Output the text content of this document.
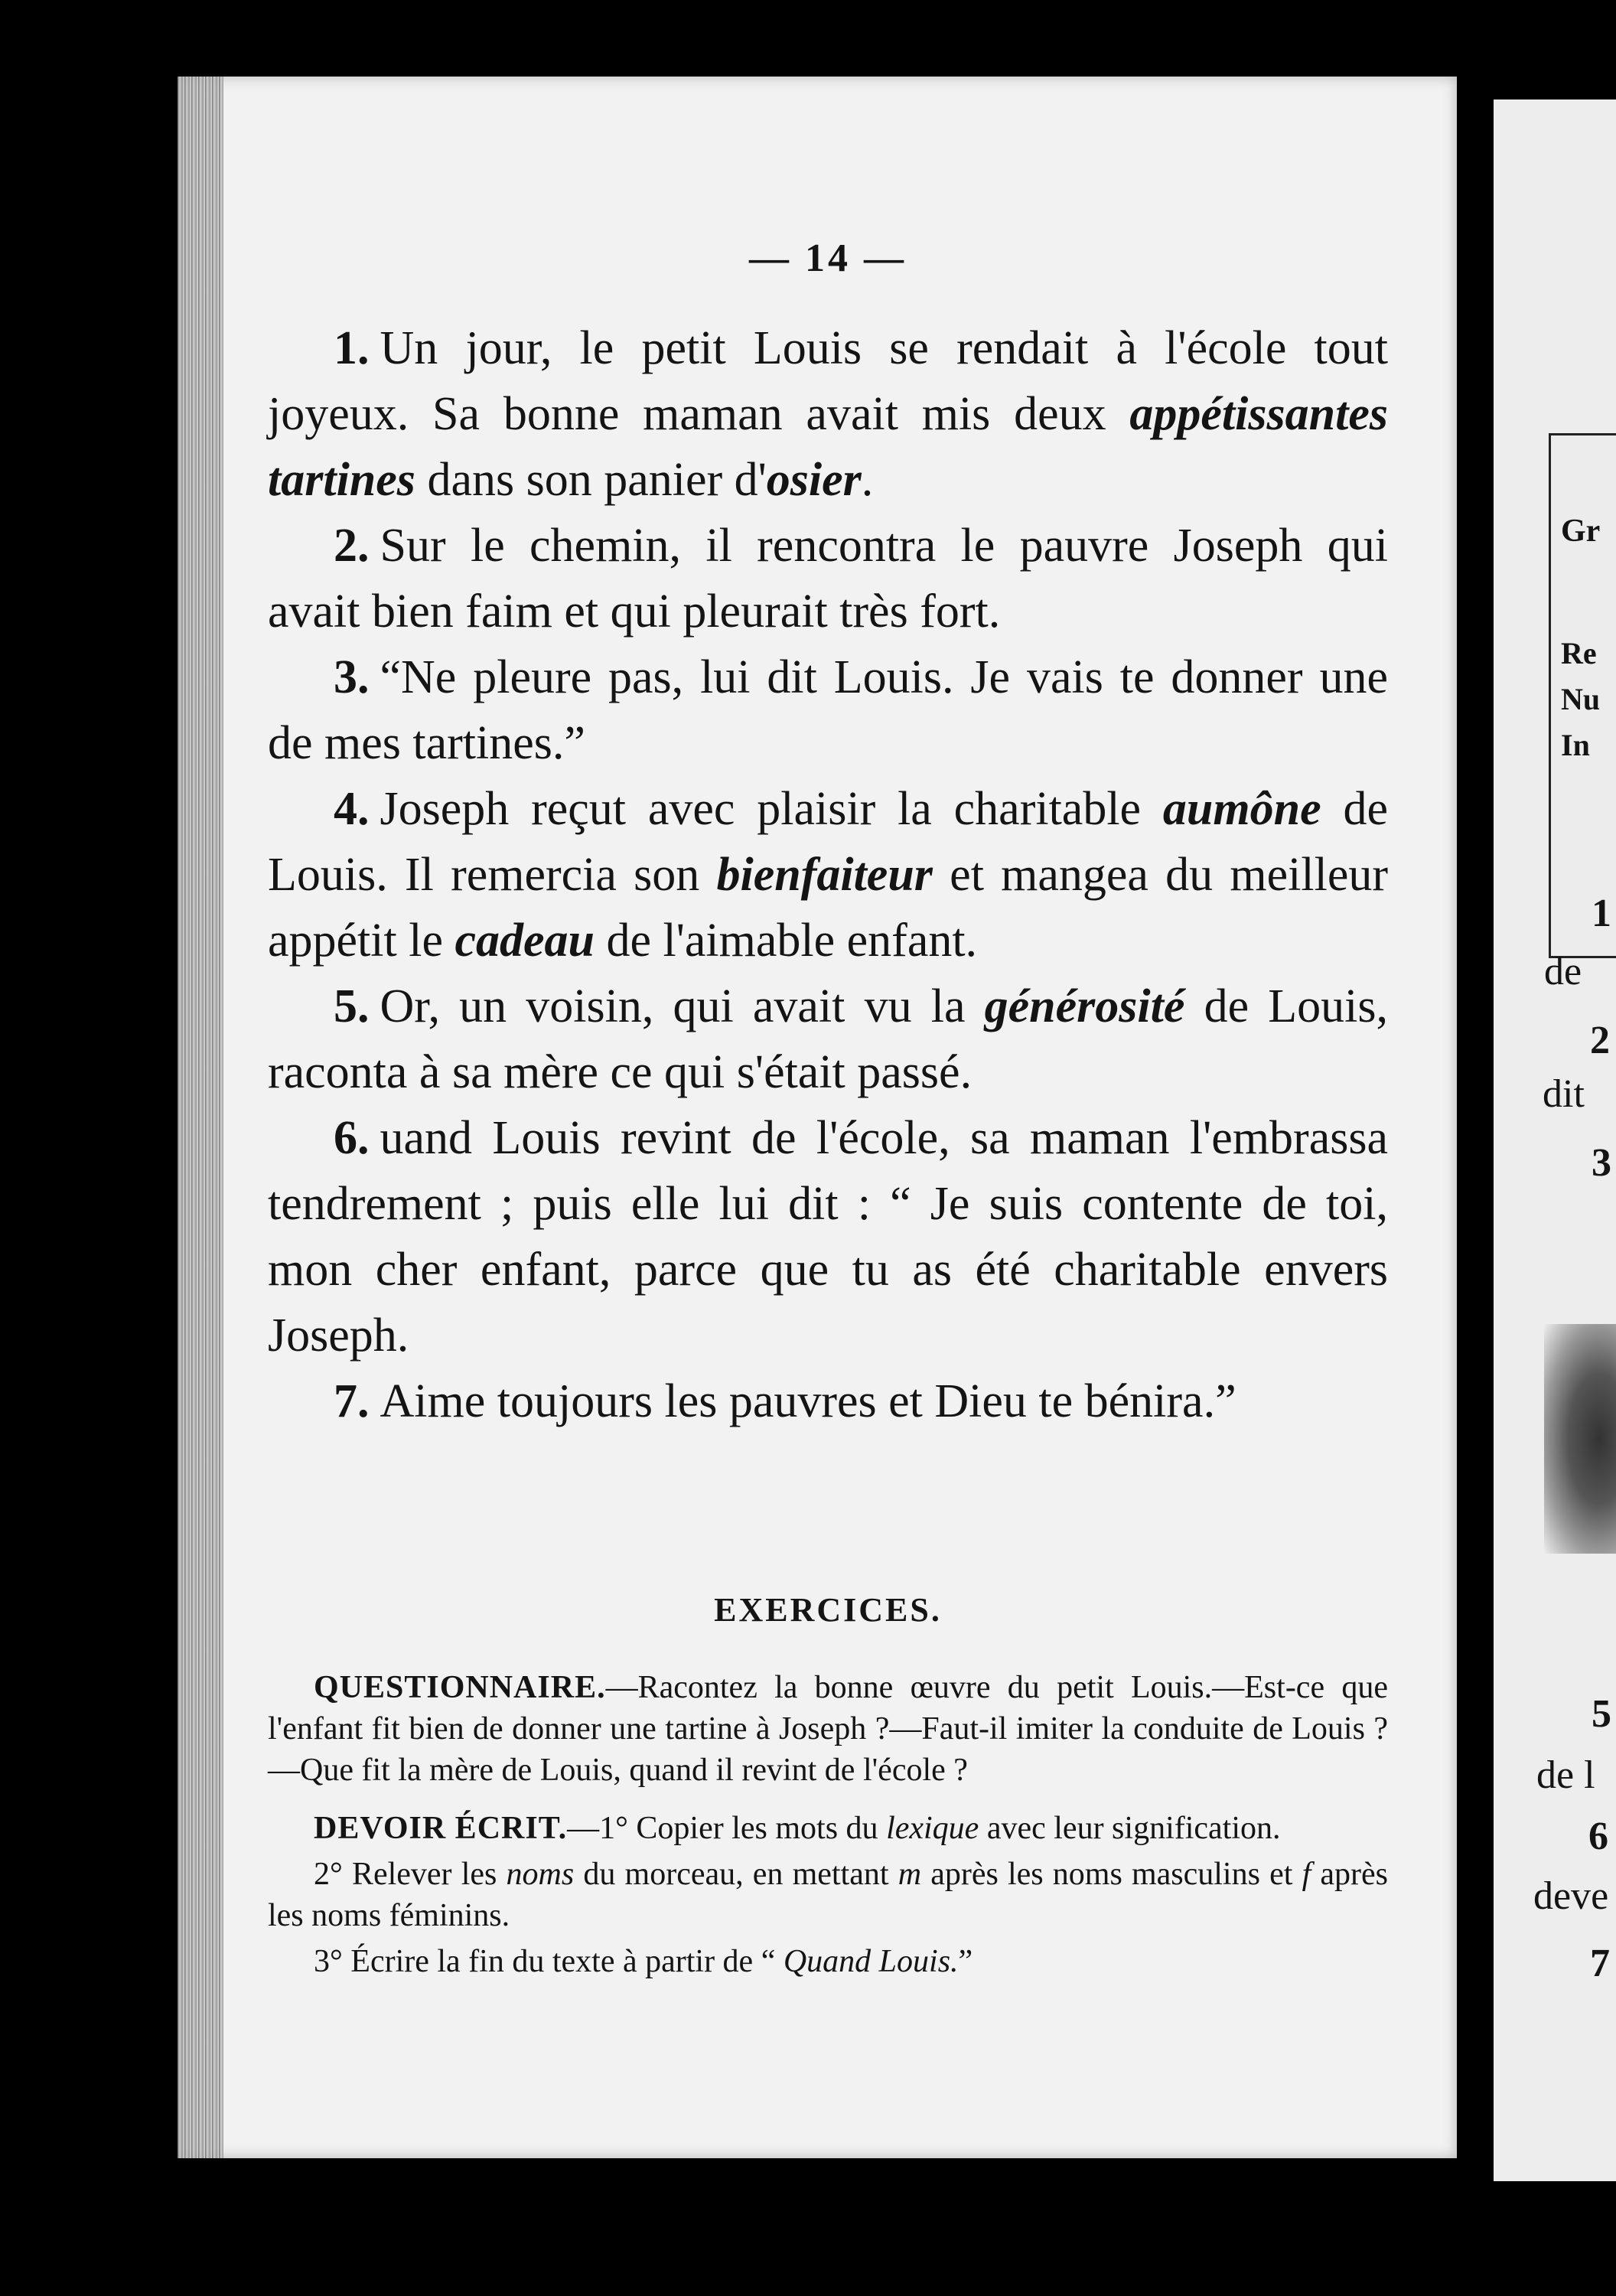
— 14 —

1. Un jour, le petit Louis se rendait à l'école tout joyeux. Sa bonne maman avait mis deux appétissantes tartines dans son panier d'osier.

2. Sur le chemin, il rencontra le pauvre Joseph qui avait bien faim et qui pleurait très fort.

3. “Ne pleure pas, lui dit Louis. Je vais te donner une de mes tartines.”

4. Joseph reçut avec plaisir la charitable aumône de Louis. Il remercia son bienfaiteur et mangea du meilleur appétit le cadeau de l'aimable enfant.

5. Or, un voisin, qui avait vu la générosité de Louis, raconta à sa mère ce qui s'était passé.

6. uand Louis revint de l'école, sa maman l'embrassa tendrement ; puis elle lui dit : “ Je suis contente de toi, mon cher enfant, parce que tu as été charitable envers Joseph.

7. Aime toujours les pauvres et Dieu te bénira.”

EXERCICES.

QUESTIONNAIRE.—Racontez la bonne œuvre du petit Louis.—Est-ce que l'enfant fit bien de donner une tartine à Joseph ?—Faut-il imiter la conduite de Louis ?—Que fit la mère de Louis, quand il revint de l'école ?

DEVOIR ÉCRIT.—1° Copier les mots du lexique avec leur signification.

2° Relever les noms du morceau, en mettant m après les noms masculins et f après les noms féminins.

3° Écrire la fin du texte à partir de “ Quand Louis.”

Gr
Re
Nu
In
1
de
2
dit
3
5
de l
6
deve
7
